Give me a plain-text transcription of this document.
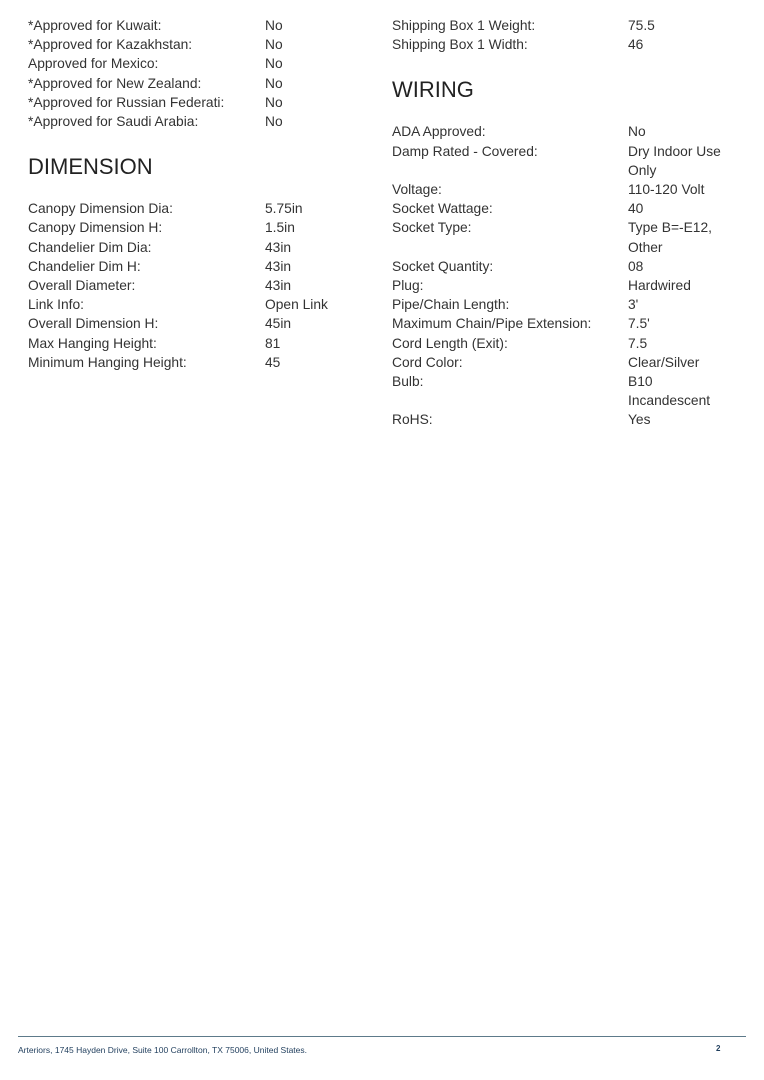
*Approved for Kuwait:	No
*Approved for Kazakhstan:	No
Approved for Mexico:	No
*Approved for New Zealand:	No
*Approved for Russian Federati:	No
*Approved for Saudi Arabia:	No
DIMENSION
Canopy Dimension Dia:	5.75in
Canopy Dimension H:	1.5in
Chandelier Dim Dia:	43in
Chandelier Dim H:	43in
Overall Diameter:	43in
Link Info:	Open Link
Overall Dimension H:	45in
Max Hanging Height:	81
Minimum Hanging Height:	45
Shipping Box 1 Weight:	75.5
Shipping Box 1 Width:	46
WIRING
ADA Approved:	No
Damp Rated - Covered:	Dry Indoor Use Only
Voltage:	110-120 Volt
Socket Wattage:	40
Socket Type:	Type B=-E12, Other
Socket Quantity:	08
Plug:	Hardwired
Pipe/Chain Length:	3'
Maximum Chain/Pipe Extension:	7.5'
Cord Length (Exit):	7.5
Cord Color:	Clear/Silver
Bulb:	B10 Incandescent
RoHS:	Yes
Arteriors, 1745 Hayden Drive, Suite 100 Carrollton, TX 75006, United States.	2
